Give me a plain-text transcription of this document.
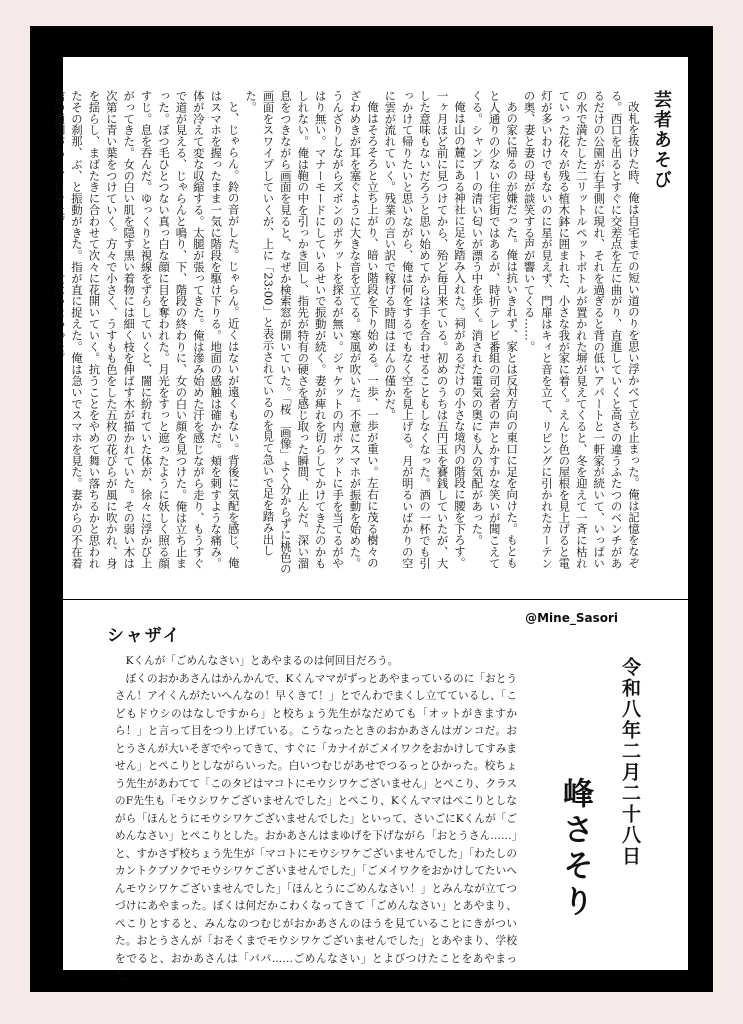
芸者あそび

改札を抜けた時、俺は自宅までの短い道のりを思い浮かべて立ち止まった。俺は記憶をなぞる。西口を出るとすぐに交差点を左に曲がり、直進していくと高さの違うふたつのベンチがあるだけの公園が右手側に現れ、それを過ぎると背の低いアパートと一軒家が続いて、いっぱいの水で満たした二リットルペットボトルが置かれた塀が見えてくると、冬を迎えて一斉に枯れていった花々が残る植木鉢に囲まれた、小さな我が家に着く。えんじ色の屋根を見上げると電灯が多いわけでもないのに星が見えず、門扉はキィと音を立て、リビングに引かれたカーテンの奥、妻と妻の母が談笑する声が響いてくる……。

あの家に帰るのが嫌だった。俺は抗いきれず、家とは反対方向の東口に足を向けた。もともと人通りの少ない住宅街ではあるが、時折テレビ番組の司会者の声とかすかな笑いが聞こえてくる。シャンプーの清い匂いが漂う中を歩く。消された電気の奥にも人の気配があった。

俺は山の麓にある神社に足を踏み入れた。祠があるだけの小さな境内の階段に腰を下ろす。一ヶ月ほど前に見つけてから、殆ど毎日来ている。初めのうちは五円玉を賽銭していたが、大した意味もないだろうと思い始めてからは手を合わせることもしなくなった。酒の一杯でも引っかけて帰りたいと思いながら、俺は何をするでもなく空を見上げる。月が明るいばかりの空に雲が流れていく。残業の言い訳で稼げる時間はほんの僅かだ。

俺はそろそろと立ち上がり、暗い階段を下り始める。一歩、一歩が重い。左右に茂る樹々のざわめきが耳を塞ぐように大きな音を立てる。寒風が吹いた。不意にスマホが振動を始めた。うんざりしながらズボンのポケットを探るが無い。ジャケットの内ポケットに手を当てるがやはり無い。マナーモードにしているせいで振動が続く。妻が痺れを切らしてかけてきたのかもしれない。俺は鞄の中を引っかき回し、指先が特有の硬さを感じ取った瞬間、止んだ。深い溜息をつきながら画面を見ると、なぜか検索窓が開いていた。「桜　画像」よく分からずに桃色の画面をスワイプしていくが、上に「23:00」と表示されているのを見て急いで足を踏み出した。

と、じゃらん。鈴の音がした。じゃらん。近くはないが遠くもない。背後に気配を感じ、俺はスマホを握ったまま一気に階段を駆け下りる。地面の感触は確かだ。頬を刺すような痛み。体が冷えて変な収縮する。太腿が張ってきた。俺は滲み始めた汗を感じながら走り、もうすぐで道が見える、じゃらんと鳴り、下、階段の終わりに、女の白い顔を見つけた。俺は立ち止まった。ぼつ毛ひとつない真っ白な顔に目を奪われた。月光をすっと遮ったように妖しく照る顔すじ。息を吞んだ。ゆっくりと視線をずらしていくと、闇に紛れていた体が、徐々に浮かび上がってきた。女の白い肌を隠す黒い着物には細く枝を伸ばす木が描かれていた。その弱い木は次第に青い葉をつけていく。方々で小さく、うすもも色をした五枚の花びらが風に吹かれ、身を揺らし、まばたきに合わせて次々に花開いていく。抗うことをやめて舞い落ちるかと思われたその刹那、ぶ、と振動がきた。指が直に捉えた。俺は急いでスマホを見た。妻からの不在着信の通知があり、日を上げるともう女はいなかった。

@Mine_Sasori
シャザイ

Kくんが「ごめんなさい」とあやまるのは何回目だろう。

ぼくのおかあさんはかんかんで、Kくんママがずっとあやまっているのに「おとうさん！アイくんがたいへんなの！早くきて！」とでんわでまくし立てているし、「こどもドウシのはなしですから」と校ちょう先生がなだめても「オットがきますから！」と言って目をつり上げている。こうなったときのおかあさんはガンコだ。おとうさんが大いそぎでやってきて、すぐに「カナイがごメイワクをおかけしてすみません」とぺこりとしながらいった。白いつむじがあせでつるっとひかった。校ちょう先生があわてて「このタビはマコトにモウシワケございません」とぺこり、クラスのF先生も「モウシワケございませんでした」とぺこり、Kくんママはぺこりとしながら「ほんとうにモウシワケございませんでした」といって、さいごにKくんが「ごめんなさい」とぺこりとした。おかあさんはまゆげを下げながら「おとうさん……」と、すかさず校ちょう先生が「マコトにモウシワケございませんでした」「わたしのカントクブソクでモウシワケございませんでした」「ごメイワクをおかけしてたいへんモウシワケございませんでした」「ほんとうにごめんなさい！」とみんなが立てつづけにあやまった。ぼくは何だかこわくなってきて「ごめんなさい」とあやまり、ぺこりとすると、みんなのつむじがおかあさんのほうを見ていることにきがついた。おとうさんが「おそくまでモウシワケございませんでした」とあやまり、学校をでると、おかあさんは「パパ……ごめんなさい」とよびつけたことをあやまった。

令和八年二月二十八日
峰さそり
